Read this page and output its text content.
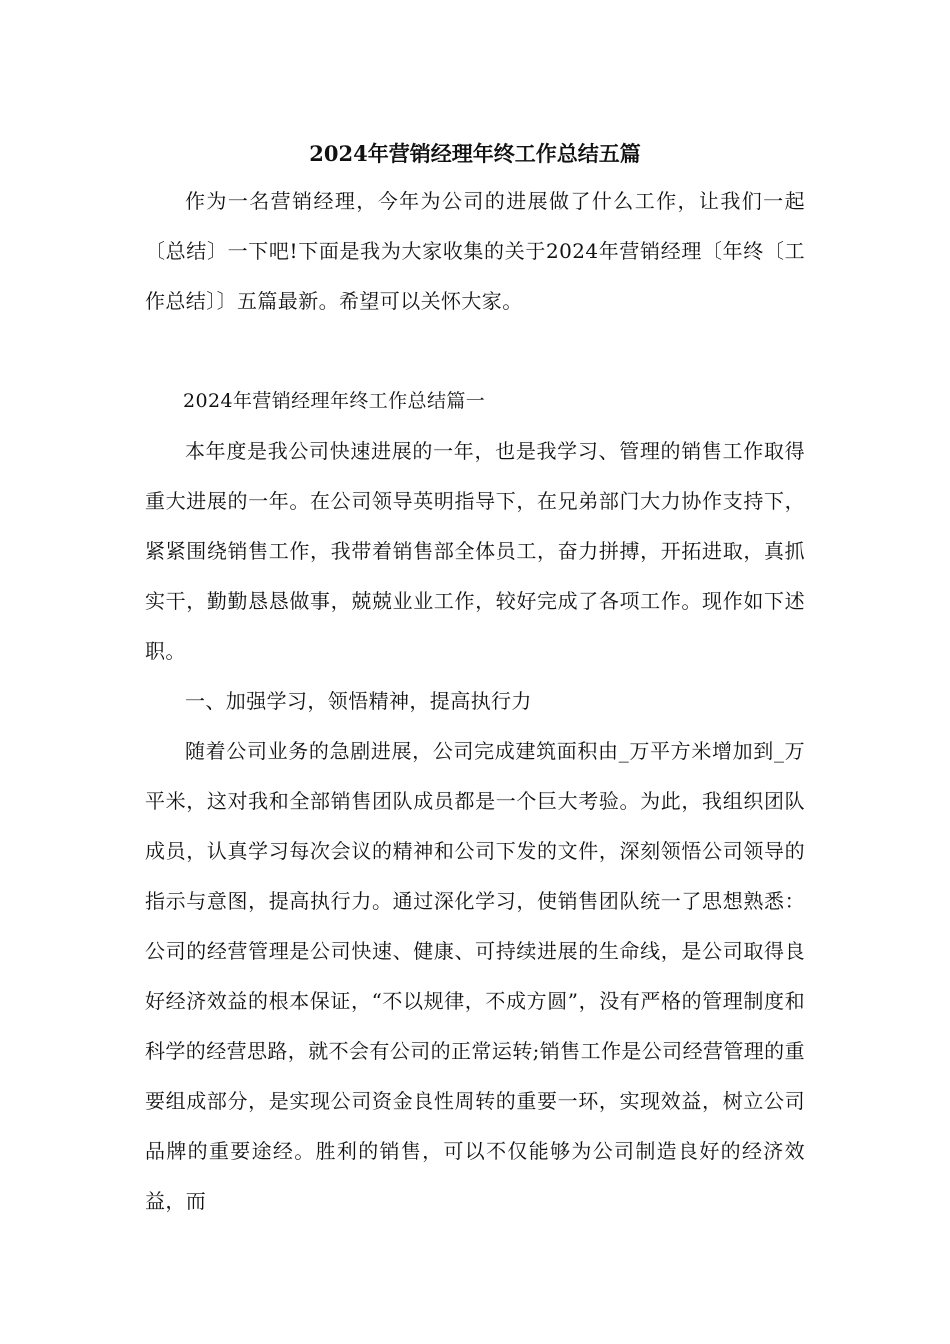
2024年营销经理年终工作总结五篇

作为一名营销经理，今年为公司的进展做了什么工作，让我们一起〔总结〕一下吧!下面是我为大家收集的关于2024年营销经理〔年终〔工作总结〕〕五篇最新。希望可以关怀大家。

2024年营销经理年终工作总结篇一

本年度是我公司快速进展的一年，也是我学习、管理的销售工作取得重大进展的一年。在公司领导英明指导下，在兄弟部门大力协作支持下，紧紧围绕销售工作，我带着销售部全体员工，奋力拼搏，开拓进取，真抓实干，勤勤恳恳做事，兢兢业业工作，较好完成了各项工作。现作如下述职。

一、加强学习，领悟精神，提高执行力

随着公司业务的急剧进展，公司完成建筑面积由_万平方米增加到_万平米，这对我和全部销售团队成员都是一个巨大考验。为此，我组织团队成员，认真学习每次会议的精神和公司下发的文件，深刻领悟公司领导的指示与意图，提高执行力。通过深化学习，使销售团队统一了思想熟悉：公司的经营管理是公司快速、健康、可持续进展的生命线，是公司取得良好经济效益的根本保证，“不以规律，不成方圆”，没有严格的管理制度和科学的经营思路，就不会有公司的正常运转;销售工作是公司经营管理的重要组成部分，是实现公司资金良性周转的重要一环，实现效益，树立公司品牌的重要途经。胜利的销售，可以不仅能够为公司制造良好的经济效益，而
